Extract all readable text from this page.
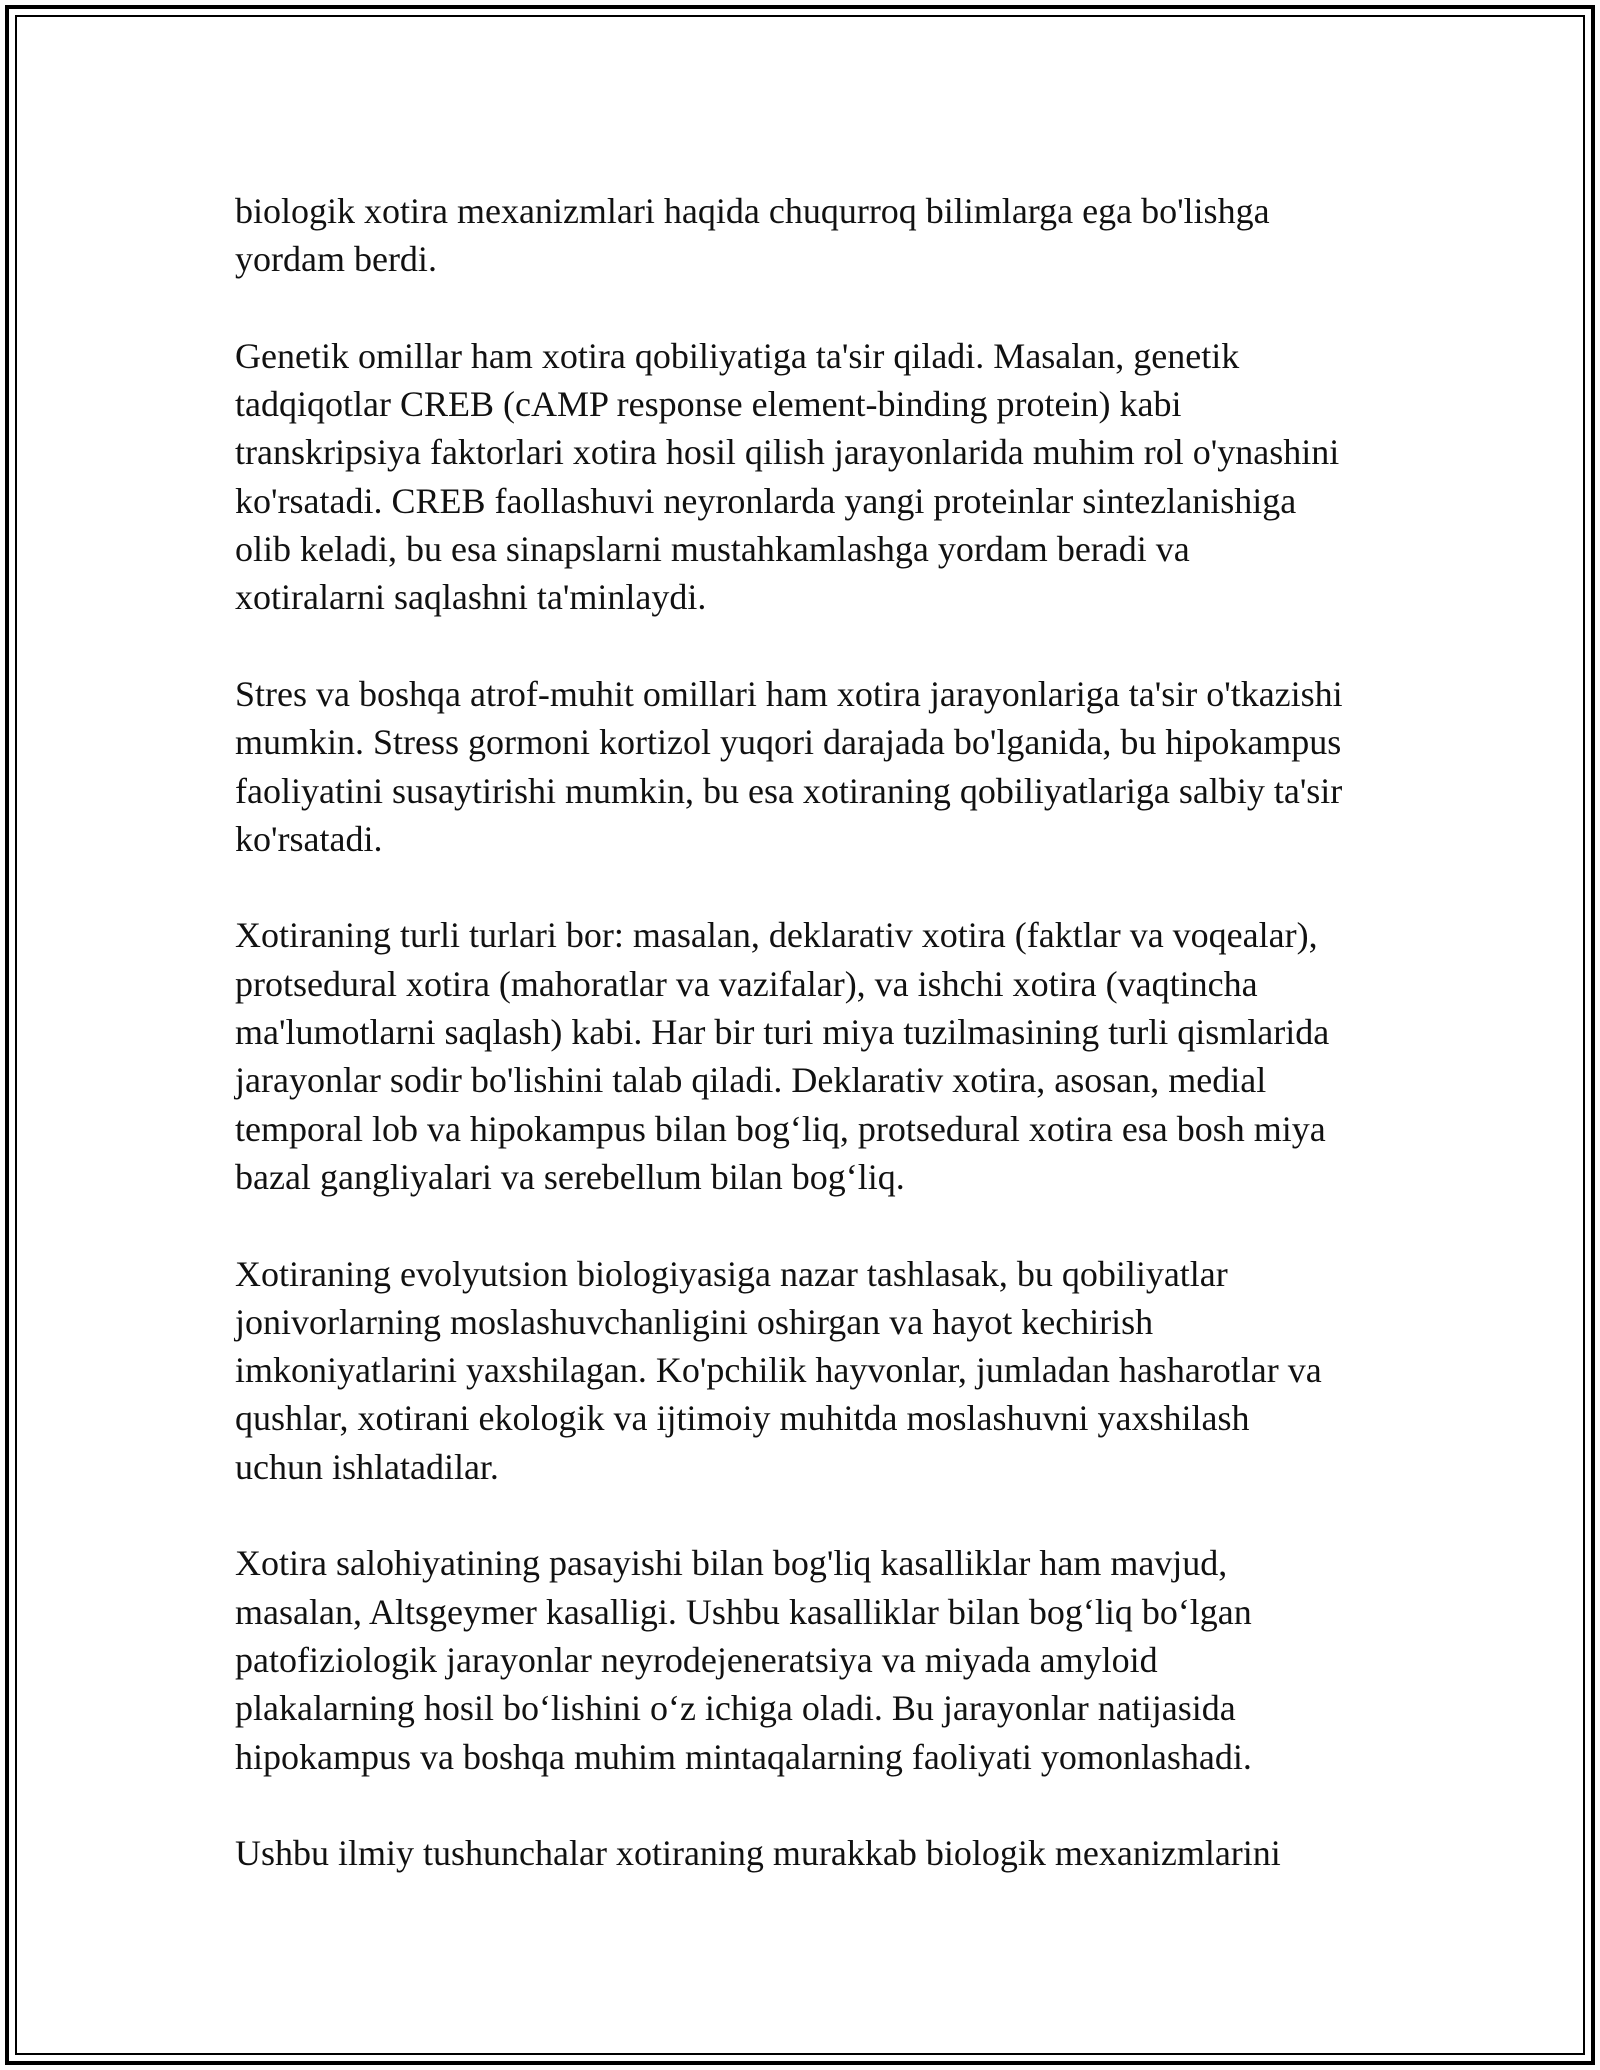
biologik xotira mexanizmlari haqida chuqurroq bilimlarga ega bo'lishga
yordam berdi.
Genetik omillar ham xotira qobiliyatiga ta'sir qiladi. Masalan, genetik
tadqiqotlar CREB (cAMP response element-binding protein) kabi
transkripsiya faktorlari xotira hosil qilish jarayonlarida muhim rol o'ynashini
ko'rsatadi. CREB faollashuvi neyronlarda yangi proteinlar sintezlanishiga
olib keladi, bu esa sinapslarni mustahkamlashga yordam beradi va
xotiralarni saqlashni ta'minlaydi.
Stres va boshqa atrof-muhit omillari ham xotira jarayonlariga ta'sir o'tkazishi
mumkin. Stress gormoni kortizol yuqori darajada bo'lganida, bu hipokampus
faoliyatini susaytirishi mumkin, bu esa xotiraning qobiliyatlariga salbiy ta'sir
ko'rsatadi.
Xotiraning turli turlari bor: masalan, deklarativ xotira (faktlar va voqealar),
protsedural xotira (mahoratlar va vazifalar), va ishchi xotira (vaqtincha
ma'lumotlarni saqlash) kabi. Har bir turi miya tuzilmasining turli qismlarida
jarayonlar sodir bo'lishini talab qiladi. Deklarativ xotira, asosan, medial
temporal lob va hipokampus bilan bog‘liq, protsedural xotira esa bosh miya
bazal gangliyalari va serebellum bilan bog‘liq.
Xotiraning evolyutsion biologiyasiga nazar tashlasak, bu qobiliyatlar
jonivorlarning moslashuvchanligini oshirgan va hayot kechirish
imkoniyatlarini yaxshilagan. Ko'pchilik hayvonlar, jumladan hasharotlar va
qushlar, xotirani ekologik va ijtimoiy muhitda moslashuvni yaxshilash
uchun ishlatadilar.
Xotira salohiyatining pasayishi bilan bog'liq kasalliklar ham mavjud,
masalan, Altsgeymer kasalligi. Ushbu kasalliklar bilan bog‘liq bo‘lgan
patofiziologik jarayonlar neyrodejeneratsiya va miyada amyloid
plakalarning hosil bo‘lishini o‘z ichiga oladi. Bu jarayonlar natijasida
hipokampus va boshqa muhim mintaqalarning faoliyati yomonlashadi.
Ushbu ilmiy tushunchalar xotiraning murakkab biologik mexanizmlarini
